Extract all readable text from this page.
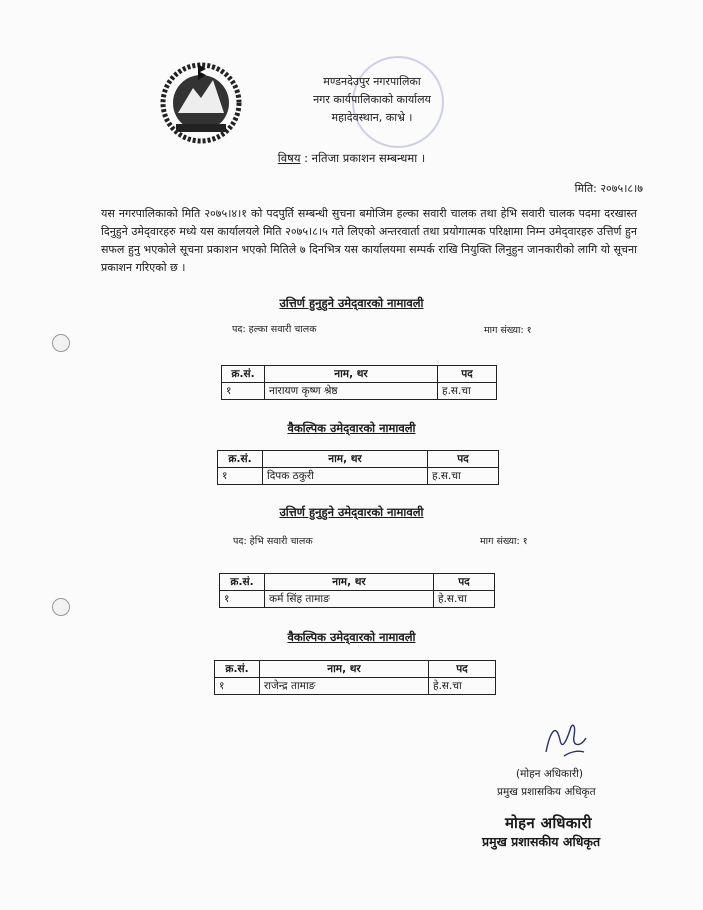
मण्डनदेउपुर नगरपालिका
नगर कार्यपालिकाको कार्यालय
महादेवस्थान, काभ्रे ।
विषय : नतिजा प्रकाशन सम्बन्धमा ।
मिति: २०७५।८।७
यस नगरपालिकाको मिति २०७५।४।१ को पदपुर्ति सम्बन्धी सुचना बमोजिम हल्का सवारी चालक तथा हेभि सवारी चालक पदमा दरखास्त दिनुहुने उमेद्‌वारहरु मध्ये यस कार्यालयले मिति २०७५।८।५ गते लिएको अन्तरवार्ता तथा प्रयोगात्मक परिक्षामा निम्न उमेद्‌वारहरु उत्तिर्ण हुन सफल हुनु भएकोले सूचना प्रकाशन भएको मितिले ७ दिनभित्र यस कार्यालयमा सम्पर्क राखि नियुक्ति लिनुहुन जानकारीको लागि यो सूचना प्रकाशन गरिएको छ ।
उत्तिर्ण हुनुहुने उमेद्‌वारको नामावली
पद: हल्का सवारी चालक	माग संख्या: १
क्र.सं.	नाम, थर	पद
१	नारायण कृष्ण श्रेष्ठ	ह.स.चा
वैकल्पिक उमेद्‌वारको नामावली
क्र.सं.	नाम, थर	पद
१	दिपक ठकुरी	ह.स.चा
उत्तिर्ण हुनुहुने उमेद्‌वारको नामावली
पद: हेभि सवारी चालक	माग संख्या: १
क्र.सं.	नाम, थर	पद
१	कर्म सिंह तामाङ	हे.स.चा
वैकल्पिक उमेद्‌वारको नामावली
क्र.सं.	नाम, थर	पद
१	राजेन्द्र तामाङ	हे.स.चा
(मोहन अधिकारी)
प्रमुख प्रशासकिय अधिकृत
मोहन अधिकारी
प्रमुख प्रशासकीय अधिकृत
